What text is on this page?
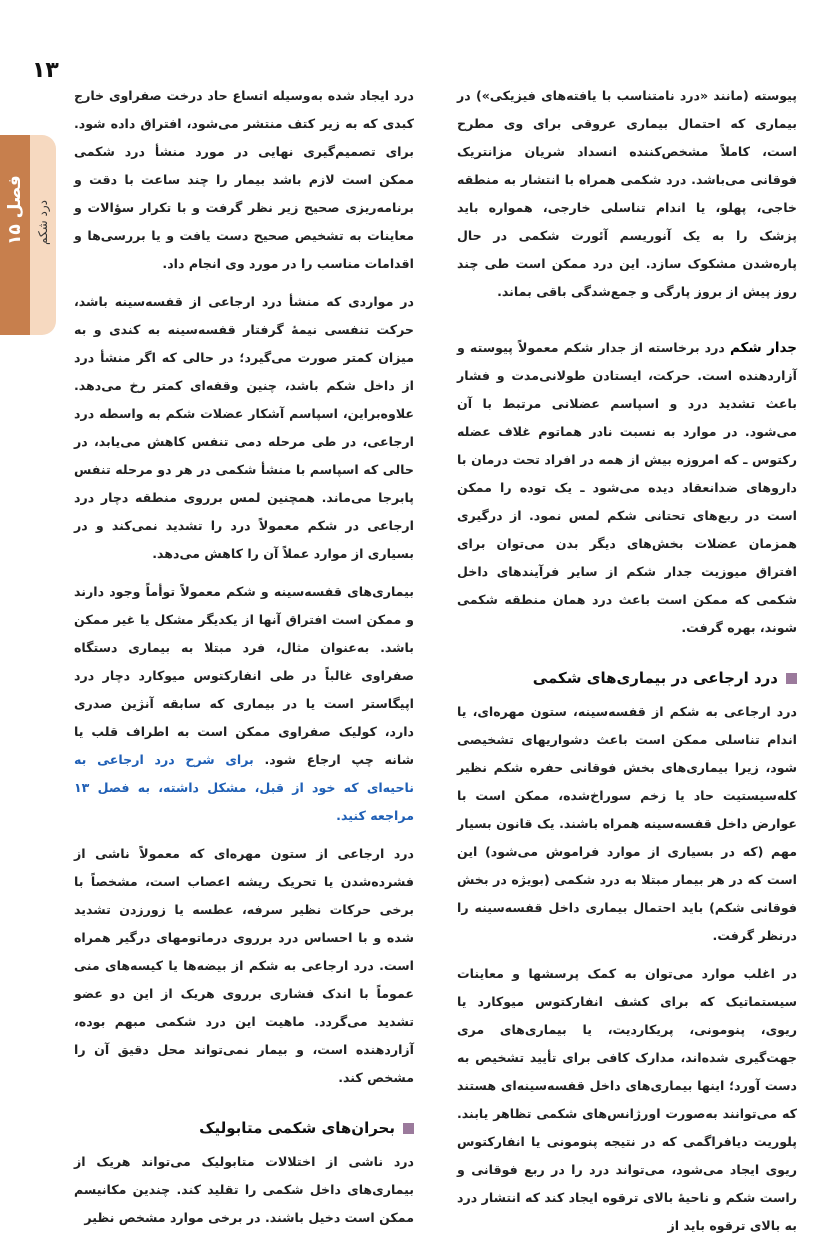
۱۳
فصل ۱۵ درد شکم

پیوسته (مانند «درد نامتناسب با یافته‌های فیزیکی») در بیماری که احتمال بیماری عروقی برای وی مطرح است، کاملاً مشخص‌کننده انسداد شریان مزانتریک فوقانی می‌باشد. درد شکمی همراه با انتشار به منطقه خاجی، پهلو، یا اندام تناسلی خارجی، همواره باید پزشک را به یک آنوریسم آئورت شکمی در حال پاره‌شدن مشکوک سازد. این درد ممکن است طی چند روز پیش از بروز پارگی و جمع‌شدگی باقی بماند.

جدار شکم درد برخاسته از جدار شکم معمولاً پیوسته و آزاردهنده است. حرکت، ایستادن طولانی‌مدت و فشار باعث تشدید درد و اسپاسم عضلانی مرتبط با آن می‌شود. در موارد به نسبت نادر هماتوم غلاف عضله رکتوس ـ که امروزه بیش از همه در افراد تحت درمان با داروهای ضدانعقاد دیده می‌شود ـ یک توده را ممکن است در ربع‌های تحتانی شکم لمس نمود. از درگیری همزمان عضلات بخش‌های دیگر بدن می‌توان برای افتراق میوزیت جدار شکم از سایر فرآیندهای داخل شکمی که ممکن است باعث درد همان منطقه شکمی شوند، بهره گرفت.

درد ارجاعی در بیماری‌های شکمی

درد ارجاعی به شکم از قفسه‌سینه، ستون مهره‌ای، یا اندام تناسلی ممکن است باعث دشواریهای تشخیصی شود، زیرا بیماری‌های بخش فوقانی حفره شکم نظیر کله‌سیستیت حاد یا زخم سوراخ‌شده، ممکن است با عوارض داخل قفسه‌سینه همراه باشند. یک قانون بسیار مهم (که در بسیاری از موارد فراموش می‌شود) این است که در هر بیمار مبتلا به درد شکمی (بویژه در بخش فوقانی شکم) باید احتمال بیماری داخل قفسه‌سینه را درنظر گرفت.

در اغلب موارد می‌توان به کمک پرسشها و معاینات سیستماتیک که برای کشف انفارکتوس میوکارد یا ریوی، پنومونی، پریکاردیت، یا بیماری‌های مری جهت‌گیری شده‌اند، مدارک کافی برای تأیید تشخیص به دست آورد؛ اینها بیماری‌های داخل قفسه‌سینه‌ای هستند که می‌توانند به‌صورت اورژانس‌های شکمی تظاهر یابند. پلوریت دیافراگمی که در نتیجه پنومونی یا انفارکتوس ریوی ایجاد می‌شود، می‌تواند درد را در ربع فوقانی و راست شکم و ناحیهٔ بالای ترقوه ایجاد کند که انتشار درد به بالای ترقوه باید از

درد ایجاد شده به‌وسیله اتساع حاد درخت صفراوی خارج کبدی که به زیر کتف منتشر می‌شود، افتراق داده شود. برای تصمیم‌گیری نهایی در مورد منشأ درد شکمی ممکن است لازم باشد بیمار را چند ساعت با دقت و برنامه‌ریزی صحیح زیر نظر گرفت و با تکرار سؤالات و معاینات به تشخیص صحیح دست یافت و یا بررسی‌ها و اقدامات مناسب را در مورد وی انجام داد.

در مواردی که منشأ درد ارجاعی از قفسه‌سینه باشد، حرکت تنفسی نیمهٔ گرفتار قفسه‌سینه به کندی و به میزان کمتر صورت می‌گیرد؛ در حالی که اگر منشأ درد از داخل شکم باشد، چنین وقفه‌ای کمتر رخ می‌دهد. علاوه‌براین، اسپاسم آشکار عضلات شکم به واسطه درد ارجاعی، در طی مرحله دمی تنفس کاهش می‌یابد، در حالی که اسپاسم با منشأ شکمی در هر دو مرحله تنفس پابرجا می‌ماند. همچنین لمس برروی منطقه دچار درد ارجاعی در شکم معمولاً درد را تشدید نمی‌کند و در بسیاری از موارد عملاً آن را کاهش می‌دهد.

بیماری‌های قفسه‌سینه و شکم معمولاً توأماً وجود دارند و ممکن است افتراق آنها از یکدیگر مشکل یا غیر ممکن باشد. به‌عنوان مثال، فرد مبتلا به بیماری دستگاه صفراوی غالباً در طی انفارکتوس میوکارد دچار درد اپیگاستر است یا در بیماری که سابقه آنژین صدری دارد، کولیک صفراوی ممکن است به اطراف قلب یا شانه چپ ارجاع شود. برای شرح درد ارجاعی به ناحیه‌ای که خود از قبل، مشکل داشته، به فصل ۱۳ مراجعه کنید.

درد ارجاعی از ستون مهره‌ای که معمولاً ناشی از فشرده‌شدن یا تحریک ریشه اعصاب است، مشخصاً با برخی حرکات نظیر سرفه، عطسه یا زورزدن تشدید شده و با احساس درد برروی درماتومهای درگیر همراه است. درد ارجاعی به شکم از بیضه‌ها یا کیسه‌های منی عموماً با اندک فشاری برروی هریک از این دو عضو تشدید می‌گردد. ماهیت این درد شکمی مبهم بوده، آزاردهنده است، و بیمار نمی‌تواند محل دقیق آن را مشخص کند.

بحران‌های شکمی متابولیک

درد ناشی از اختلالات متابولیک می‌تواند هریک از بیماری‌های داخل شکمی را تقلید کند. چندین مکانیسم ممکن است دخیل باشند. در برخی موارد مشخص نظیر
